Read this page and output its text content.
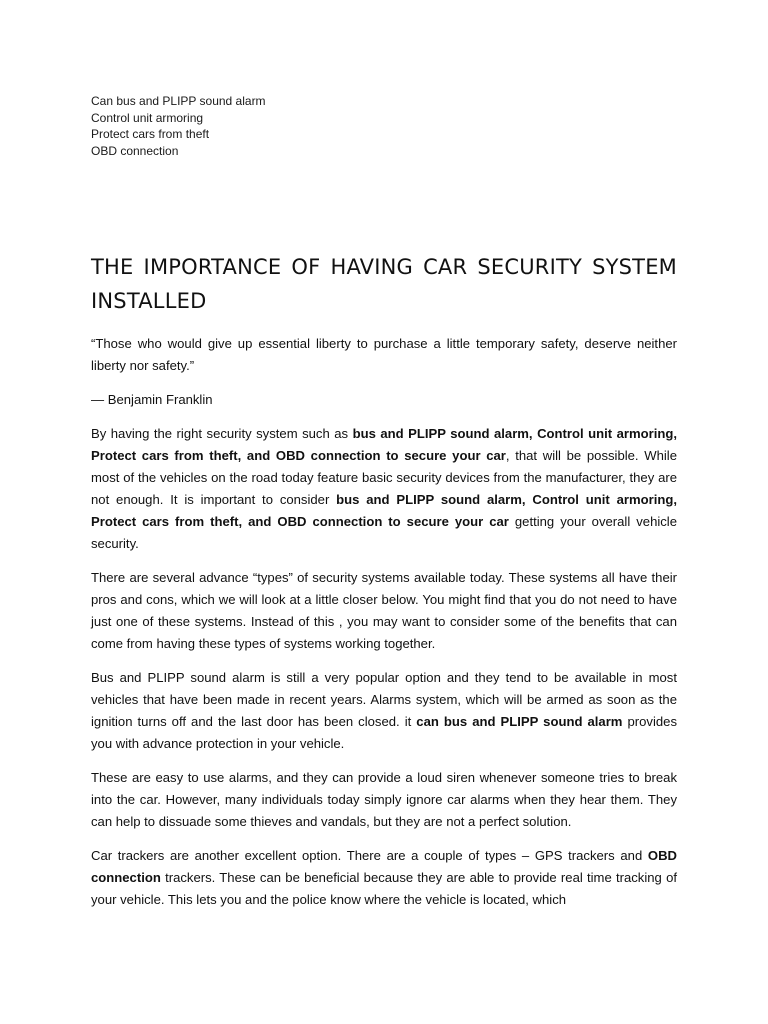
Can bus and PLIPP sound alarm
Control unit armoring
Protect cars from theft
OBD connection
THE IMPORTANCE OF HAVING CAR SECURITY SYSTEM INSTALLED

“Those who would give up essential liberty to purchase a little temporary safety, deserve neither liberty nor safety.”

― Benjamin Franklin

By having the right security system such as bus and PLIPP sound alarm, Control unit armoring, Protect cars from theft, and OBD connection to secure your car, that will be possible. While most of the vehicles on the road today feature basic security devices from the manufacturer, they are not enough. It is important to consider bus and PLIPP sound alarm, Control unit armoring, Protect cars from theft, and OBD connection to secure your car getting your overall vehicle security.

There are several advance “types” of security systems available today. These systems all have their pros and cons, which we will look at a little closer below. You might find that you do not need to have just one of these systems. Instead of this , you may want to consider some of the benefits that can come from having these types of systems working together.

Bus and PLIPP sound alarm is still a very popular option and they tend to be available in most vehicles that have been made in recent years. Alarms system, which will be armed as soon as the ignition turns off and the last door has been closed. it can bus and PLIPP sound alarm provides you with advance protection in your vehicle.

These are easy to use alarms, and they can provide a loud siren whenever someone tries to break into the car. However, many individuals today simply ignore car alarms when they hear them. They can help to dissuade some thieves and vandals, but they are not a perfect solution.

Car trackers are another excellent option. There are a couple of types – GPS trackers and OBD connection trackers. These can be beneficial because they are able to provide real time tracking of your vehicle. This lets you and the police know where the vehicle is located, which
